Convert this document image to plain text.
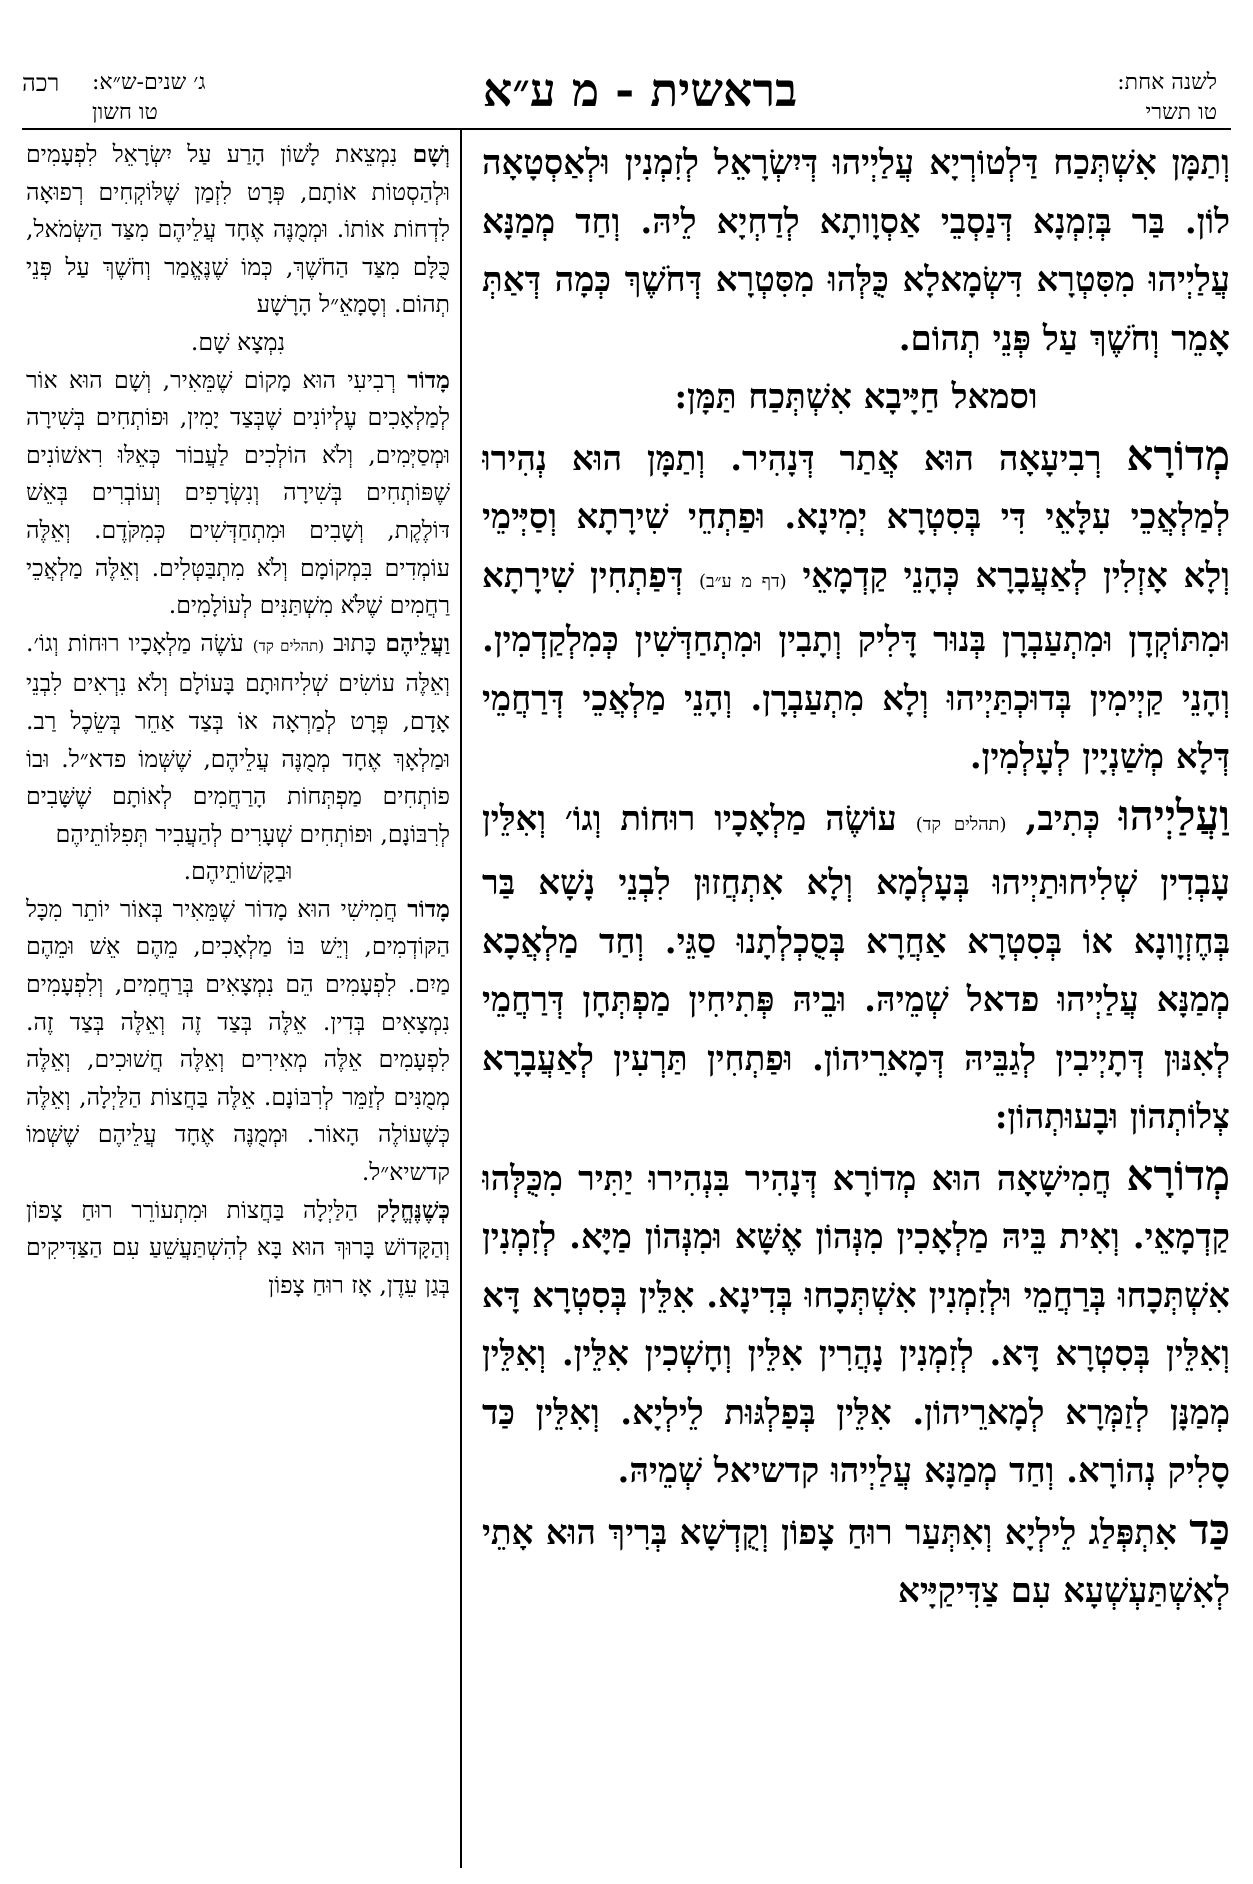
ג׳ שנים-ש״א:
טו חשון
רכה	בראשית - מ ע״א	לשנה אחת:
טו תשרי

וְתַמָּן אִשְׁתְּכַח דַּלְטוֹרְיָא עֲלַיְיהוּ דְּיִשְׂרָאֵל לְזִמְנִין וּלְאַסְטָאָה לוֹן. בַּר בְּזִמְנָא דְּנַסְבֵי אַסְוָותָא לְדַחְיָא לֵיהּ. וְחַד מְמַנָּא עֲלַיְיהוּ מִסִּטְרָא דִּשְׂמָאלָא כֻּלְּהוּ מִסִּטְרָא דְּחֹשֶׁךְ כְּמָה דְּאַתְּ אָמֵר וְחֹשֶׁךְ עַל פְּנֵי תְהוֹם.

וסמאל חַיָּיבָא אִשְׁתְּכַח תַּמָּן:

מְדוֹרָא רְבִיעָאָה הוּא אֲתַר דְּנָהִיר. וְתַמָּן הוּא נְהִירוּ לְמַלְאֲכֵי עִלָּאֵי דִּי בְּסִטְרָא יְמִינָא. וּפַתְחֵי שִׁירָתָא וְסַיְּימֵי וְלָא אָזְלִין לְאַעֲבָרָא כְּהָנֵי קַדְמָאֵי (דף מ ע״ב) דְּפַתְחִין שִׁירָתָא וּמִתּוֹקְדָן וּמִתְעַבְרָן בְּנוּר דָּלִיק וְתָבִין וּמִתְחַדְּשִׁין כְּמִלְקַדְמִין. וְהָנֵי קַיְימִין בְּדוּכְתַּיְיהוּ וְלָא מִתְעַבְרָן. וְהָנֵי מַלְאֲכֵי דְּרַחֲמֵי דְּלָא מְשַׁנְיָין לְעָלְמִין.

וַעֲלַיְיהוּ כְּתִיב, (תהלים קד) עוֹשֶׂה מַלְאָכָיו רוּחוֹת וְגוֹ׳ וְאִלֵּין עָבְדִין שְׁלִיחוּתַיְיהוּ בְּעָלְמָא וְלָא אִתְחֲזוּן לִבְנֵי נָשָׁא בַּר בְּחֶזְוָונָא אוֹ בְּסִטְרָא אַחֲרָא בְּסֻכְלְתָנוּ סַגֵּי. וְחַד מַלְאֲכָא מְמַנָּא עֲלַיְיהוּ פדאל שְׁמֵיהּ. וּבֵיהּ פְּתִיחִין מַפְתְּחָן דְּרַחֲמֵי לְאִנּוּן דְּתָיְיבִין לְגַבֵּיהּ דְּמָארֵיהוֹן. וּפַתְחִין תַּרְעִין לְאַעֲבָרָא צְלוֹתְהוֹן וּבָעוּתְהוֹן:

מְדוֹרָא חֲמִישָׁאָה הוּא מְדוֹרָא דְּנָהִיר בִּנְהִירוּ יַתִּיר מִכֻּלְּהוּ קַדְמָאֵי. וְאִית בֵּיהּ מַלְאָכִין מִנְּהוֹן אֶשָּׁא וּמִנְּהוֹן מַיָּא. לְזִמְנִין אִשְׁתְּכָחוּ בְּרַחֲמֵי וּלְזִמְנִין אִשְׁתְּכָחוּ בְּדִינָא. אִלֵּין בְּסִטְרָא דָּא וְאִלֵּין בְּסִטְרָא דָּא. לְזִמְנִין נָהֲרִין אִלֵּין וְחָשְׁכִין אִלֵּין. וְאִלֵּין מְמַנָּן לְזַמְּרָא לְמָארֵיהוֹן. אִלֵּין בְּפַלְגּוּת לֵילְיָא. וְאִלֵּין כַּד סָלִיק נְהוֹרָא. וְחַד מְמַנָּא עֲלַיְיהוּ קדשיאל שְׁמֵיהּ.

כַּד אִתְפְּלַג לֵילְיָא וְאִתְּעַר רוּחַ צָפוֹן וְקֻדְשָׁא בְּרִיךְ הוּא אָתֵי לְאִשְׁתַּעְשְׁעָא עִם צַדִּיקַיָּיא

וְשָׁם נִמְצֵאת לָשׁוֹן הָרַע עַל יִשְׂרָאֵל לִפְעָמִים וּלְהַסְטוֹת אוֹתָם, פְּרָט לִזְמַן שֶׁלּוֹקְחִים רְפוּאָה לִדְחוֹת אוֹתוֹ. וּמְמֻנֶּה אֶחָד עֲלֵיהֶם מִצַּד הַשְּׂמֹאל, כֻּלָּם מִצַּד הַחֹשֶׁךְ, כְּמוֹ שֶׁנֶּאֱמַר וְחֹשֶׁךְ עַל פְּנֵי תְהוֹם. וְסָמָאֵ״ל הָרָשָׁע

נִמְצָא שָׁם.

מָדוֹר רְבִיעִי הוּא מָקוֹם שֶׁמֵּאִיר, וְשָׁם הוּא אוֹר לְמַלְאָכִים עֶלְיוֹנִים שֶׁבְּצַד יָמִין, וּפוֹתְחִים בְּשִׁירָה וּמְסַיְּמִים, וְלֹא הוֹלְכִים לַעֲבוֹר כְּאֵלּוּ רִאשׁוֹנִים שֶׁפּוֹתְחִים בְּשִׁירָה וְנִשְׂרָפִים וְעוֹבְרִים בְּאֵשׁ דּוֹלֶקֶת, וְשָׁבִים וּמִתְחַדְּשִׁים כְּמִקֹּדֶם. וְאֵלֶּה עוֹמְדִים בִּמְקוֹמָם וְלֹא מִתְבַּטְּלִים. וְאֵלֶּה מַלְאֲכֵי רַחֲמִים שֶׁלֹּא מִשְׁתַּנִּים לְעוֹלָמִים.

וַעֲלֵיהֶם כָּתוּב (תהלים קד) עֹשֶׂה מַלְאָכָיו רוּחוֹת וְגוֹ׳. וְאֵלֶּה עוֹשִׂים שְׁלִיחוּתָם בָּעוֹלָם וְלֹא נִרְאִים לִבְנֵי אָדָם, פְּרָט לְמַרְאָה אוֹ בְּצַד אַחֵר בְּשֵׂכֶל רַב. וּמַלְאָךְ אֶחָד מְמֻנֶּה עֲלֵיהֶם, שֶׁשְּׁמוֹ פדא״ל. וּבוֹ פוֹתְחִים מַפְתְּחוֹת הָרַחֲמִים לְאוֹתָם שֶׁשָּׁבִים לְרִבּוֹנָם, וּפוֹתְחִים שְׁעָרִים לְהַעֲבִיר תְּפִלּוֹתֵיהֶם

וּבַקָּשׁוֹתֵיהֶם.

מָדוֹר חֲמִישִׁי הוּא מָדוֹר שֶׁמֵּאִיר בְּאוֹר יוֹתֵר מִכָּל הַקּוֹדְמִים, וְיֵשׁ בּוֹ מַלְאָכִים, מֵהֶם אֵשׁ וּמֵהֶם מַיִם. לִפְעָמִים הֵם נִמְצָאִים בְּרַחֲמִים, וְלִפְעָמִים נִמְצָאִים בְּדִין. אֵלֶּה בְּצַד זֶה וְאֵלֶּה בְּצַד זֶה. לִפְעָמִים אֵלֶּה מְאִירִים וְאֵלֶּה חֲשׁוּכִים, וְאֵלֶּה מְמֻנִּים לְזַמֵּר לְרִבּוֹנָם. אֵלֶּה בַּחֲצוֹת הַלַּיְלָה, וְאֵלֶּה כְּשֶׁעוֹלֶה הָאוֹר. וּמְמֻנֶּה אֶחָד עֲלֵיהֶם שֶׁשְּׁמוֹ קדשיא״ל.

כְּשֶׁנֶּחֱלָק הַלַּיְלָה בַּחֲצוֹת וּמִתְעוֹרֵר רוּחַ צָפוֹן וְהַקָּדוֹשׁ בָּרוּךְ הוּא בָּא לְהִשְׁתַּעֲשֵׁעַ עִם הַצַּדִּיקִים בְּגַן עֵדֶן, אָז רוּחַ צָפוֹן
